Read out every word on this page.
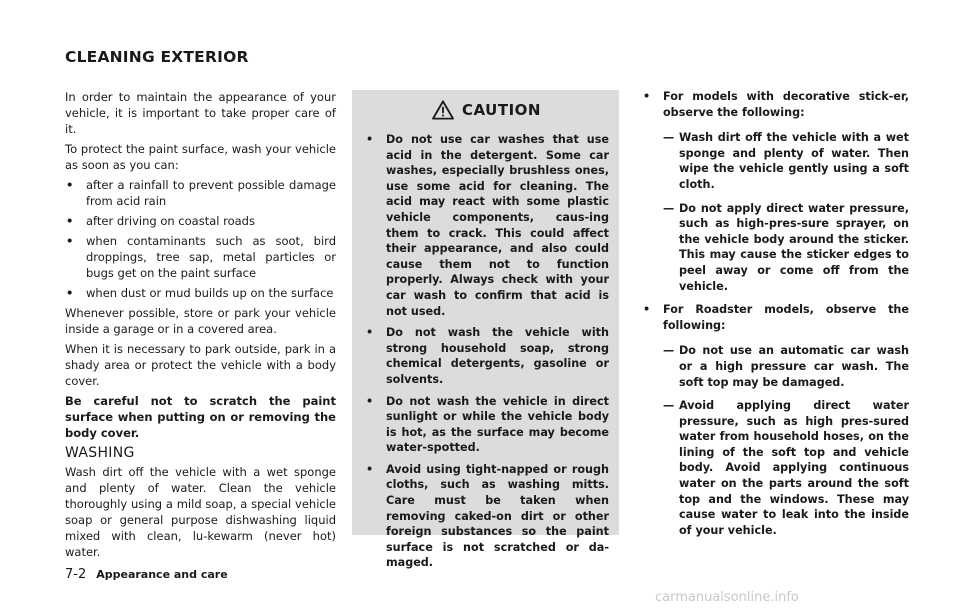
CLEANING EXTERIOR

In order to maintain the appearance of your vehicle, it is important to take proper care of it.

To protect the paint surface, wash your vehicle as soon as you can:

•	after a rainfall to prevent possible damage from acid rain
•	after driving on coastal roads
•	when contaminants such as soot, bird droppings, tree sap, metal particles or bugs get on the paint surface
•	when dust or mud builds up on the surface

Whenever possible, store or park your vehicle inside a garage or in a covered area.

When it is necessary to park outside, park in a shady area or protect the vehicle with a body cover.

Be careful not to scratch the paint surface when putting on or removing the body cover.

WASHING

Wash dirt off the vehicle with a wet sponge and plenty of water. Clean the vehicle thoroughly using a mild soap, a special vehicle soap or general purpose dishwashing liquid mixed with clean, lu-kewarm (never hot) water.

CAUTION
•	Do not use car washes that use acid in the detergent. Some car washes, especially brushless ones, use some acid for cleaning. The acid may react with some plastic vehicle components, caus-ing them to crack. This could affect their appearance, and also could cause them not to function properly. Always check with your car wash to confirm that acid is not used.
•	Do not wash the vehicle with strong household soap, strong chemical detergents, gasoline or solvents.
•	Do not wash the vehicle in direct sunlight or while the vehicle body is hot, as the surface may become water-spotted.
•	Avoid using tight-napped or rough cloths, such as washing mitts. Care must be taken when removing caked-on dirt or other foreign substances so the paint surface is not scratched or da-maged.
•	For models with decorative stick-er, observe the following:
— Wash dirt off the vehicle with a wet sponge and plenty of water. Then wipe the vehicle gently using a soft cloth.
— Do not apply direct water pressure, such as high-pres-sure sprayer, on the vehicle body around the sticker. This may cause the sticker edges to peel away or come off from the vehicle.
•	For Roadster models, observe the following:
— Do not use an automatic car wash or a high pressure car wash. The soft top may be damaged.
— Avoid applying direct water pressure, such as high pres-sured water from household hoses, on the lining of the soft top and vehicle body. Avoid applying continuous water on the parts around the soft top and the windows. These may cause water to leak into the inside of your vehicle.
7-2 Appearance and care
carmanualsonline.info
